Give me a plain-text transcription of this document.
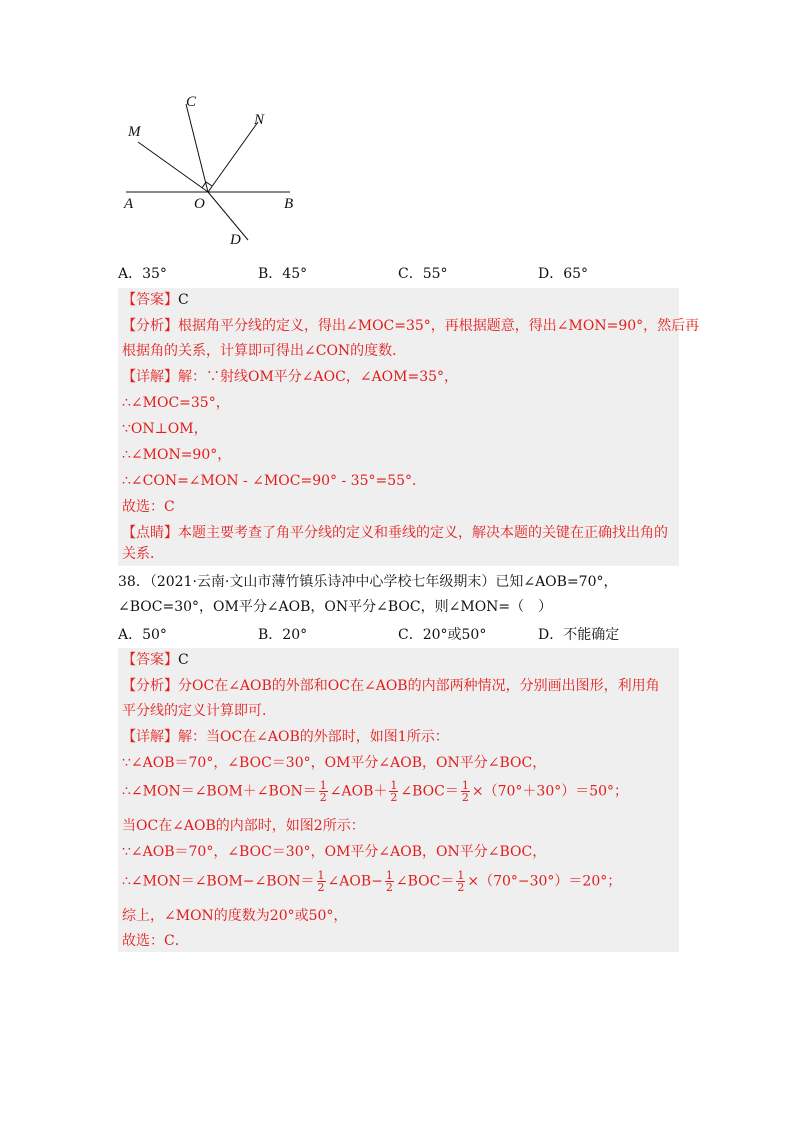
C
M
N
A	O	B
D
A．35°	B．45°	C．55°	D．65°
【答案】C
【分析】根据角平分线的定义，得出∠MOC=35°，再根据题意，得出∠MON=90°，然后再
根据角的关系，计算即可得出∠CON的度数．
【详解】解：∵射线OM平分∠AOC，∠AOM=35°，
∴∠MOC=35°，
∵ON⊥OM，
∴∠MON=90°，
∴∠CON=∠MON - ∠MOC=90° - 35°=55°．
故选：C
【点睛】本题主要考查了角平分线的定义和垂线的定义，解决本题的关键在正确找出角的
关系．
38．（2021·云南·文山市薄竹镇乐诗冲中心学校七年级期末）已知∠AOB=70°，
∠BOC=30°，OM平分∠AOB，ON平分∠BOC，则∠MON=（　）
A．50°	B．20°	C．20°或50°	D．不能确定
【答案】C
【分析】分OC在∠AOB的外部和OC在∠AOB的内部两种情况，分别画出图形，利用角
平分线的定义计算即可．
【详解】解：当OC在∠AOB的外部时，如图1所示：
∵∠AOB＝70°，∠BOC＝30°，OM平分∠AOB，ON平分∠BOC，
∴∠MON＝∠BOM＋∠BON＝ $\frac{1}{2}$ ∠AOB＋ $\frac{1}{2}$ ∠BOC＝ $\frac{1}{2} \times(70^\circ+30^\circ)=50^\circ$；
当OC在∠AOB的内部时，如图2所示：
∵∠AOB＝70°，∠BOC＝30°，OM平分∠AOB，ON平分∠BOC，
∴∠MON＝∠BOM−∠BON＝ $\frac{1}{2}$ ∠AOB− $\frac{1}{2}$ ∠BOC＝ $\frac{1}{2} \times(70^\circ-30^\circ)=20^\circ$；
综上，∠MON的度数为20°或50°，
故选：C．
